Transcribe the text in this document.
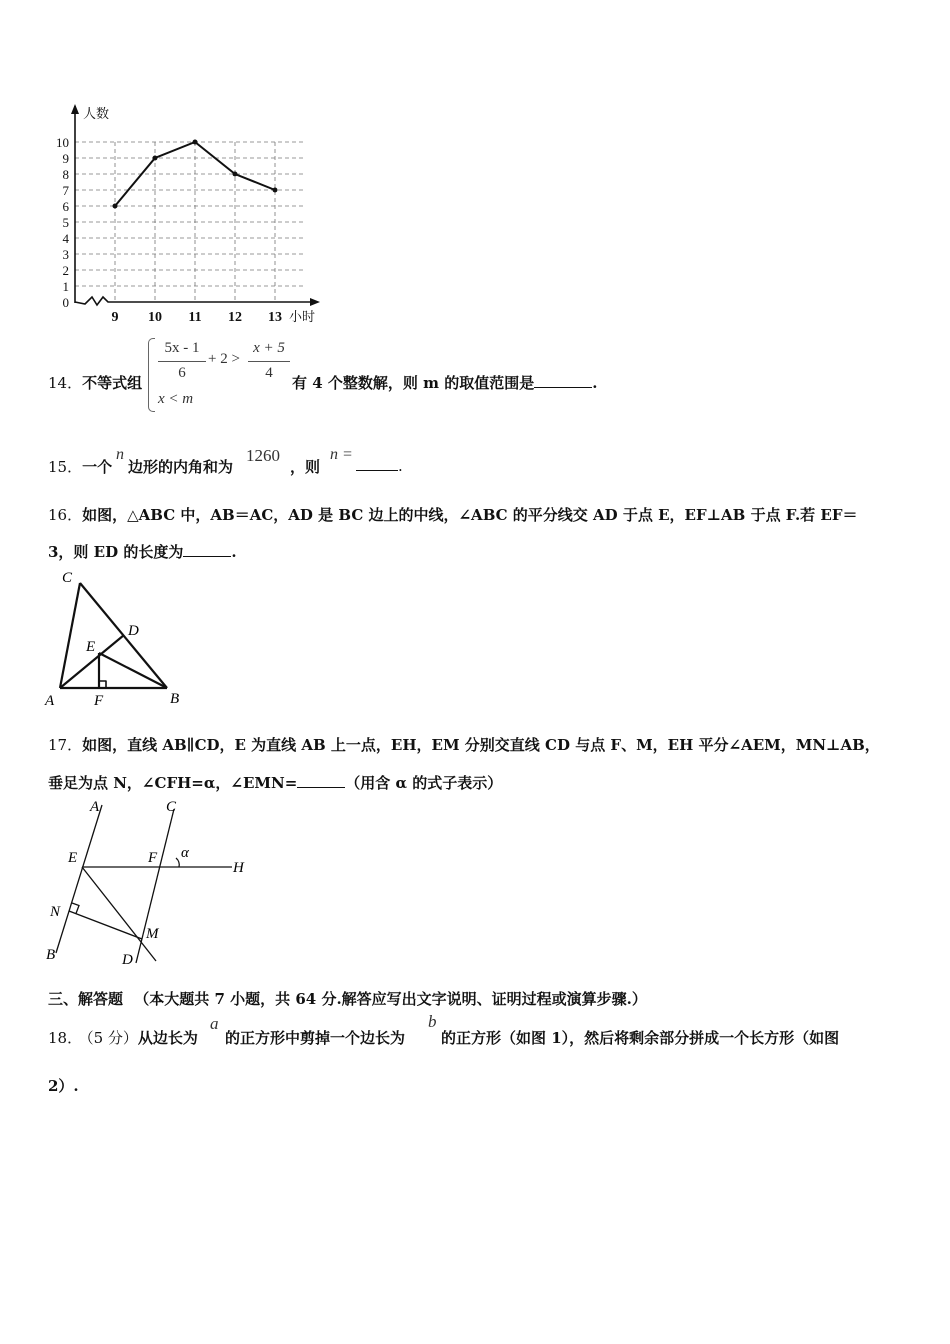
人数
0
1
2
3
4
5
6
7
8
9
10
9 10 11 12 13 小时
14．不等式组
5x - 1
6
+ 2 >
x + 5
4
x < m
有 4 个整数解，则 m 的取值范围是	.
15．一个
n
边形的内角和为
1260
，则
n =
.
16．如图，△ABC 中，AB＝AC，AD 是 BC 边上的中线，∠ABC 的平分线交 AD 于点 E，EF⊥AB 于点 F.若 EF＝
3，则 ED 的长度为	.
C
D
E
A	F	B
17．如图，直线 AB∥CD，E 为直线 AB 上一点，EH，EM 分别交直线 CD 与点 F、M，EH 平分∠AEM，MN⊥AB，
垂足为点 N，∠CFH=α，∠EMN=	（用含 α 的式子表示）
A	C
E	F α
H
N
M
B	D
三、解答题 （本大题共 7 小题，共 64 分.解答应写出文字说明、证明过程或演算步骤.）
18． （5 分）从边长为
a
的正方形中剪掉一个边长为
b
的正方形（如图 1），然后将剩余部分拼成一个长方形（如图
2）.
